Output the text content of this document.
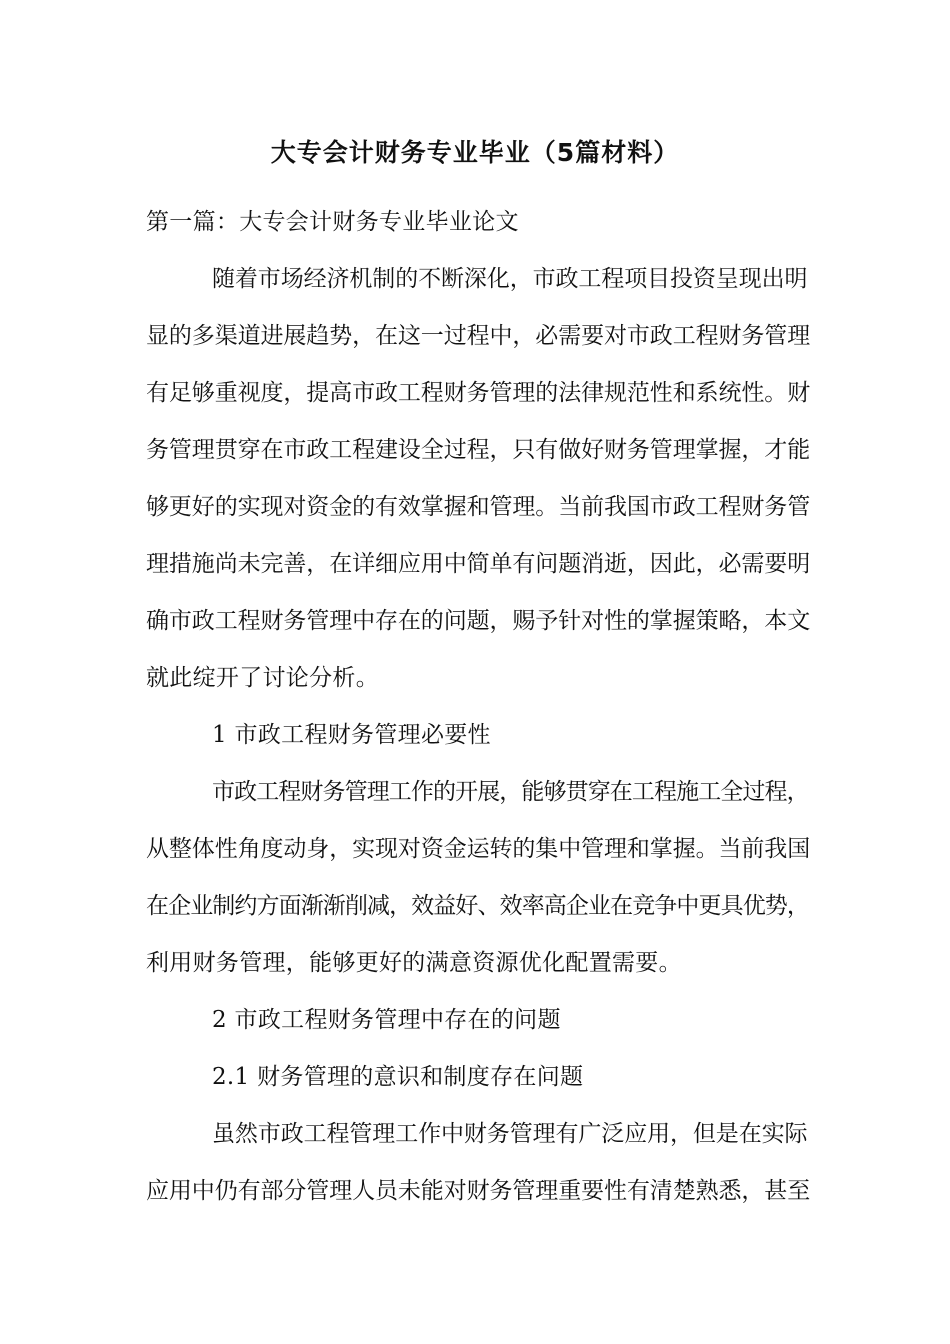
大专会计财务专业毕业（5篇材料）
第一篇：大专会计财务专业毕业论文
随着市场经济机制的不断深化，市政工程项目投资呈现出明
显的多渠道进展趋势，在这一过程中，必需要对市政工程财务管理
有足够重视度，提高市政工程财务管理的法律规范性和系统性。财
务管理贯穿在市政工程建设全过程，只有做好财务管理掌握，才能
够更好的实现对资金的有效掌握和管理。当前我国市政工程财务管
理措施尚未完善，在详细应用中简单有问题消逝，因此，必需要明
确市政工程财务管理中存在的问题，赐予针对性的掌握策略，本文
就此绽开了讨论分析。
1 市政工程财务管理必要性
市政工程财务管理工作的开展，能够贯穿在工程施工全过程，
从整体性角度动身，实现对资金运转的集中管理和掌握。当前我国
在企业制约方面渐渐削减，效益好、效率高企业在竞争中更具优势，
利用财务管理，能够更好的满意资源优化配置需要。
2 市政工程财务管理中存在的问题
2.1 财务管理的意识和制度存在问题
虽然市政工程管理工作中财务管理有广泛应用，但是在实际
应用中仍有部分管理人员未能对财务管理重要性有清楚熟悉，甚至
